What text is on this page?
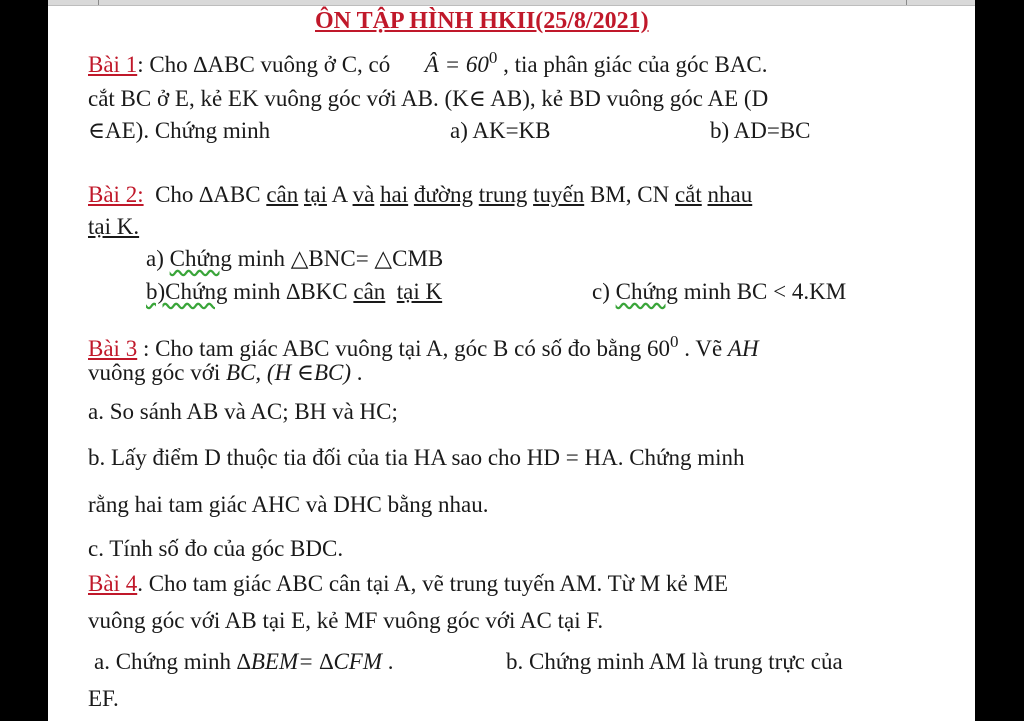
ÔN TẬP HÌNH HKII(25/8/2021)
Bài 1: Cho ∆ABC vuông ở C, có Â = $60^0$ , tia phân giác của góc BAC.
cắt BC ở E, kẻ EK vuông góc với AB. (K∈ AB), kẻ BD vuông góc AE (D
∈AE). Chứng minh	a) AK=KB	b) AD=BC
Bài 2: Cho ∆ABC cân tại A và hai đường trung tuyến BM, CN cắt nhau
tại K.
a) Chứng minh △BNC= △CMB
b)Chứng minh ∆BKC cân tại K	c) Chứng minh BC < 4.KM
Bài 3 : Cho tam giác ABC vuông tại A, góc B có số đo bằng $60^0$ . Vẽ AH
vuông góc với BC, (H ∈BC) .
a. So sánh AB và AC; BH và HC;
b. Lấy điểm D thuộc tia đối của tia HA sao cho HD = HA. Chứng minh
rằng hai tam giác AHC và DHC bằng nhau.
c. Tính số đo của góc BDC.
Bài 4. Cho tam giác ABC cân tại A, vẽ trung tuyến AM. Từ M kẻ ME
vuông góc với AB tại E, kẻ MF vuông góc với AC tại F.
a. Chứng minh ∆BEM= ∆CFM .	b. Chứng minh AM là trung trực của
EF.
